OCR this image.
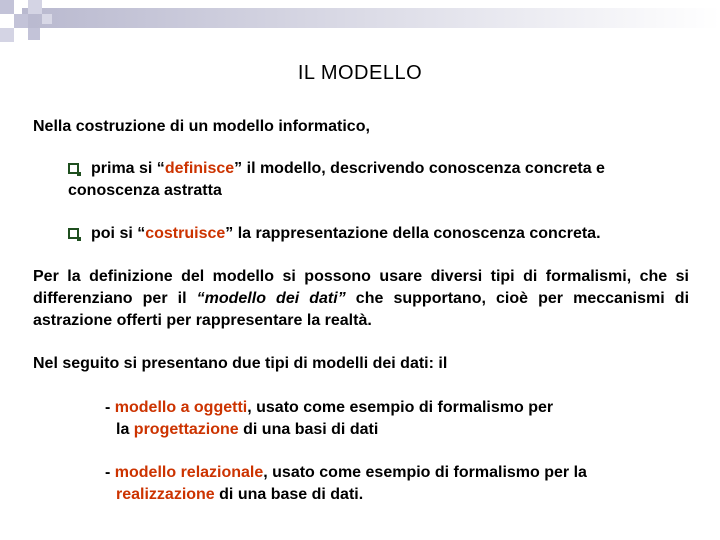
IL MODELLO
Nella costruzione di un modello informatico,
prima si “definisce” il modello, descrivendo conoscenza concreta e
conoscenza astratta
poi si “costruisce” la rappresentazione della conoscenza concreta.
Per la definizione del modello si possono usare diversi tipi di formalismi, che si differenziano per il “modello dei dati” che supportano, cioè per meccanismi di astrazione offerti per rappresentare la realtà.
Nel seguito si presentano due tipi di modelli dei dati: il
- modello a oggetti, usato come esempio di formalismo per
la progettazione di una basi di dati
- modello relazionale, usato come esempio di formalismo per la
realizzazione di una base di dati.
